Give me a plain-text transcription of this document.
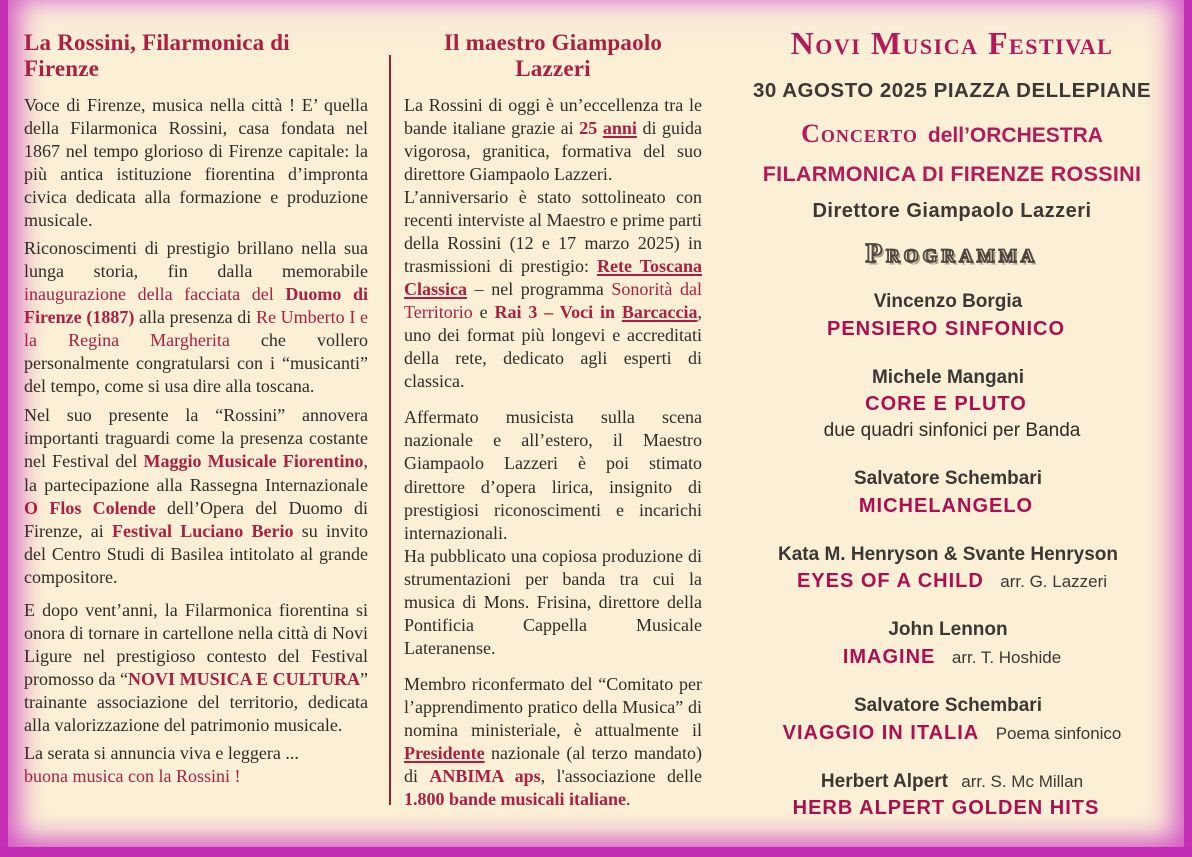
La Rossini, Filarmonica di Firenze

Voce di Firenze, musica nella città ! E’ quella della Filarmonica Rossini, casa fondata nel 1867 nel tempo glorioso di Firenze capitale: la più antica istituzione fiorentina d’impronta civica dedicata alla formazione e produzione musicale.

Riconoscimenti di prestigio brillano nella sua lunga storia, fin dalla memorabile inaugurazione della facciata del Duomo di Firenze (1887) alla presenza di Re Umberto I e la Regina Margherita che vollero personalmente congratularsi con i “musicanti” del tempo, come si usa dire alla toscana.

Nel suo presente la “Rossini” annovera importanti traguardi come la presenza costante nel Festival del Maggio Musicale Fiorentino, la partecipazione alla Rassegna Internazionale O Flos Colende dell’Opera del Duomo di Firenze, ai Festival Luciano Berio su invito del Centro Studi di Basilea intitolato al grande compositore.

E dopo vent’anni, la Filarmonica fiorentina si onora di tornare in cartellone nella città di Novi Ligure nel prestigioso contesto del Festival promosso da “NOVI MUSICA E CULTURA” trainante associazione del territorio, dedicata alla valorizzazione del patrimonio musicale.

La serata si annuncia viva e leggera ...
buona musica con la Rossini !

Il maestro Giampaolo Lazzeri

La Rossini di oggi è un’eccellenza tra le bande italiane grazie ai 25 anni di guida vigorosa, granitica, formativa del suo direttore Giampaolo Lazzeri.
L’anniversario è stato sottolineato con recenti interviste al Maestro e prime parti della Rossini (12 e 17 marzo 2025) in trasmissioni di prestigio: Rete Toscana Classica – nel programma Sonorità dal Territorio e Rai 3 – Voci in Barcaccia, uno dei format più longevi e accreditati della rete, dedicato agli esperti di classica.

Affermato musicista sulla scena nazionale e all’estero, il Maestro Giampaolo Lazzeri è poi stimato direttore d’opera lirica, insignito di prestigiosi riconoscimenti e incarichi internazionali.
Ha pubblicato una copiosa produzione di strumentazioni per banda tra cui la musica di Mons. Frisina, direttore della Pontificia Cappella Musicale Lateranense.

Membro riconfermato del “Comitato per l’apprendimento pratico della Musica” di nomina ministeriale, è attualmente il Presidente nazionale (al terzo mandato) di ANBIMA aps, l'associazione delle 1.800 bande musicali italiane.

Novi Musica Festival
30 AGOSTO 2025 PIAZZA DELLEPIANE
Concerto dell’ORCHESTRA
FILARMONICA DI FIRENZE ROSSINI
Direttore Giampaolo Lazzeri
Programma
Vincenzo Borgia
PENSIERO SINFONICO
Michele Mangani
CORE E PLUTO
due quadri sinfonici per Banda
Salvatore Schembari
MICHELANGELO
Kata M. Henryson & Svante Henryson
EYES OF A CHILD arr. G. Lazzeri
John Lennon
IMAGINE arr. T. Hoshide
Salvatore Schembari
VIAGGIO IN ITALIA Poema sinfonico
Herbert Alpert arr. S. Mc Millan
HERB ALPERT GOLDEN HITS
